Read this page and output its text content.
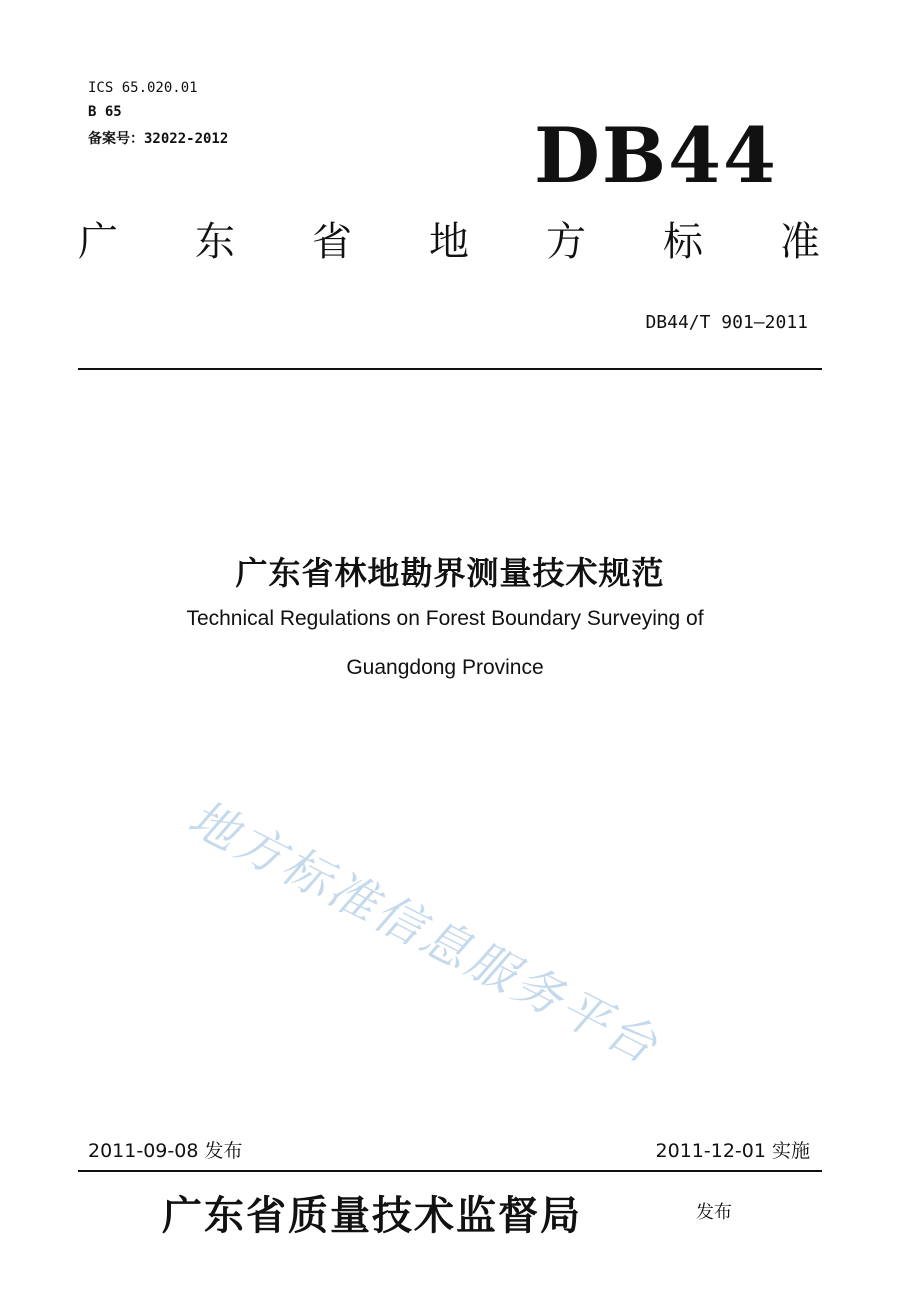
ICS 65.020.01
B 65
备案号：32022-2012	DB44
广 东 省 地 方 标 准
DB44/T 901—2011
广东省林地勘界测量技术规范
Technical Regulations on Forest Boundary Surveying of
Guangdong Province
地方标准信息服务平台
2011-09-08 发布	2011-12-01 实施
广东省质量技术监督局	发布
